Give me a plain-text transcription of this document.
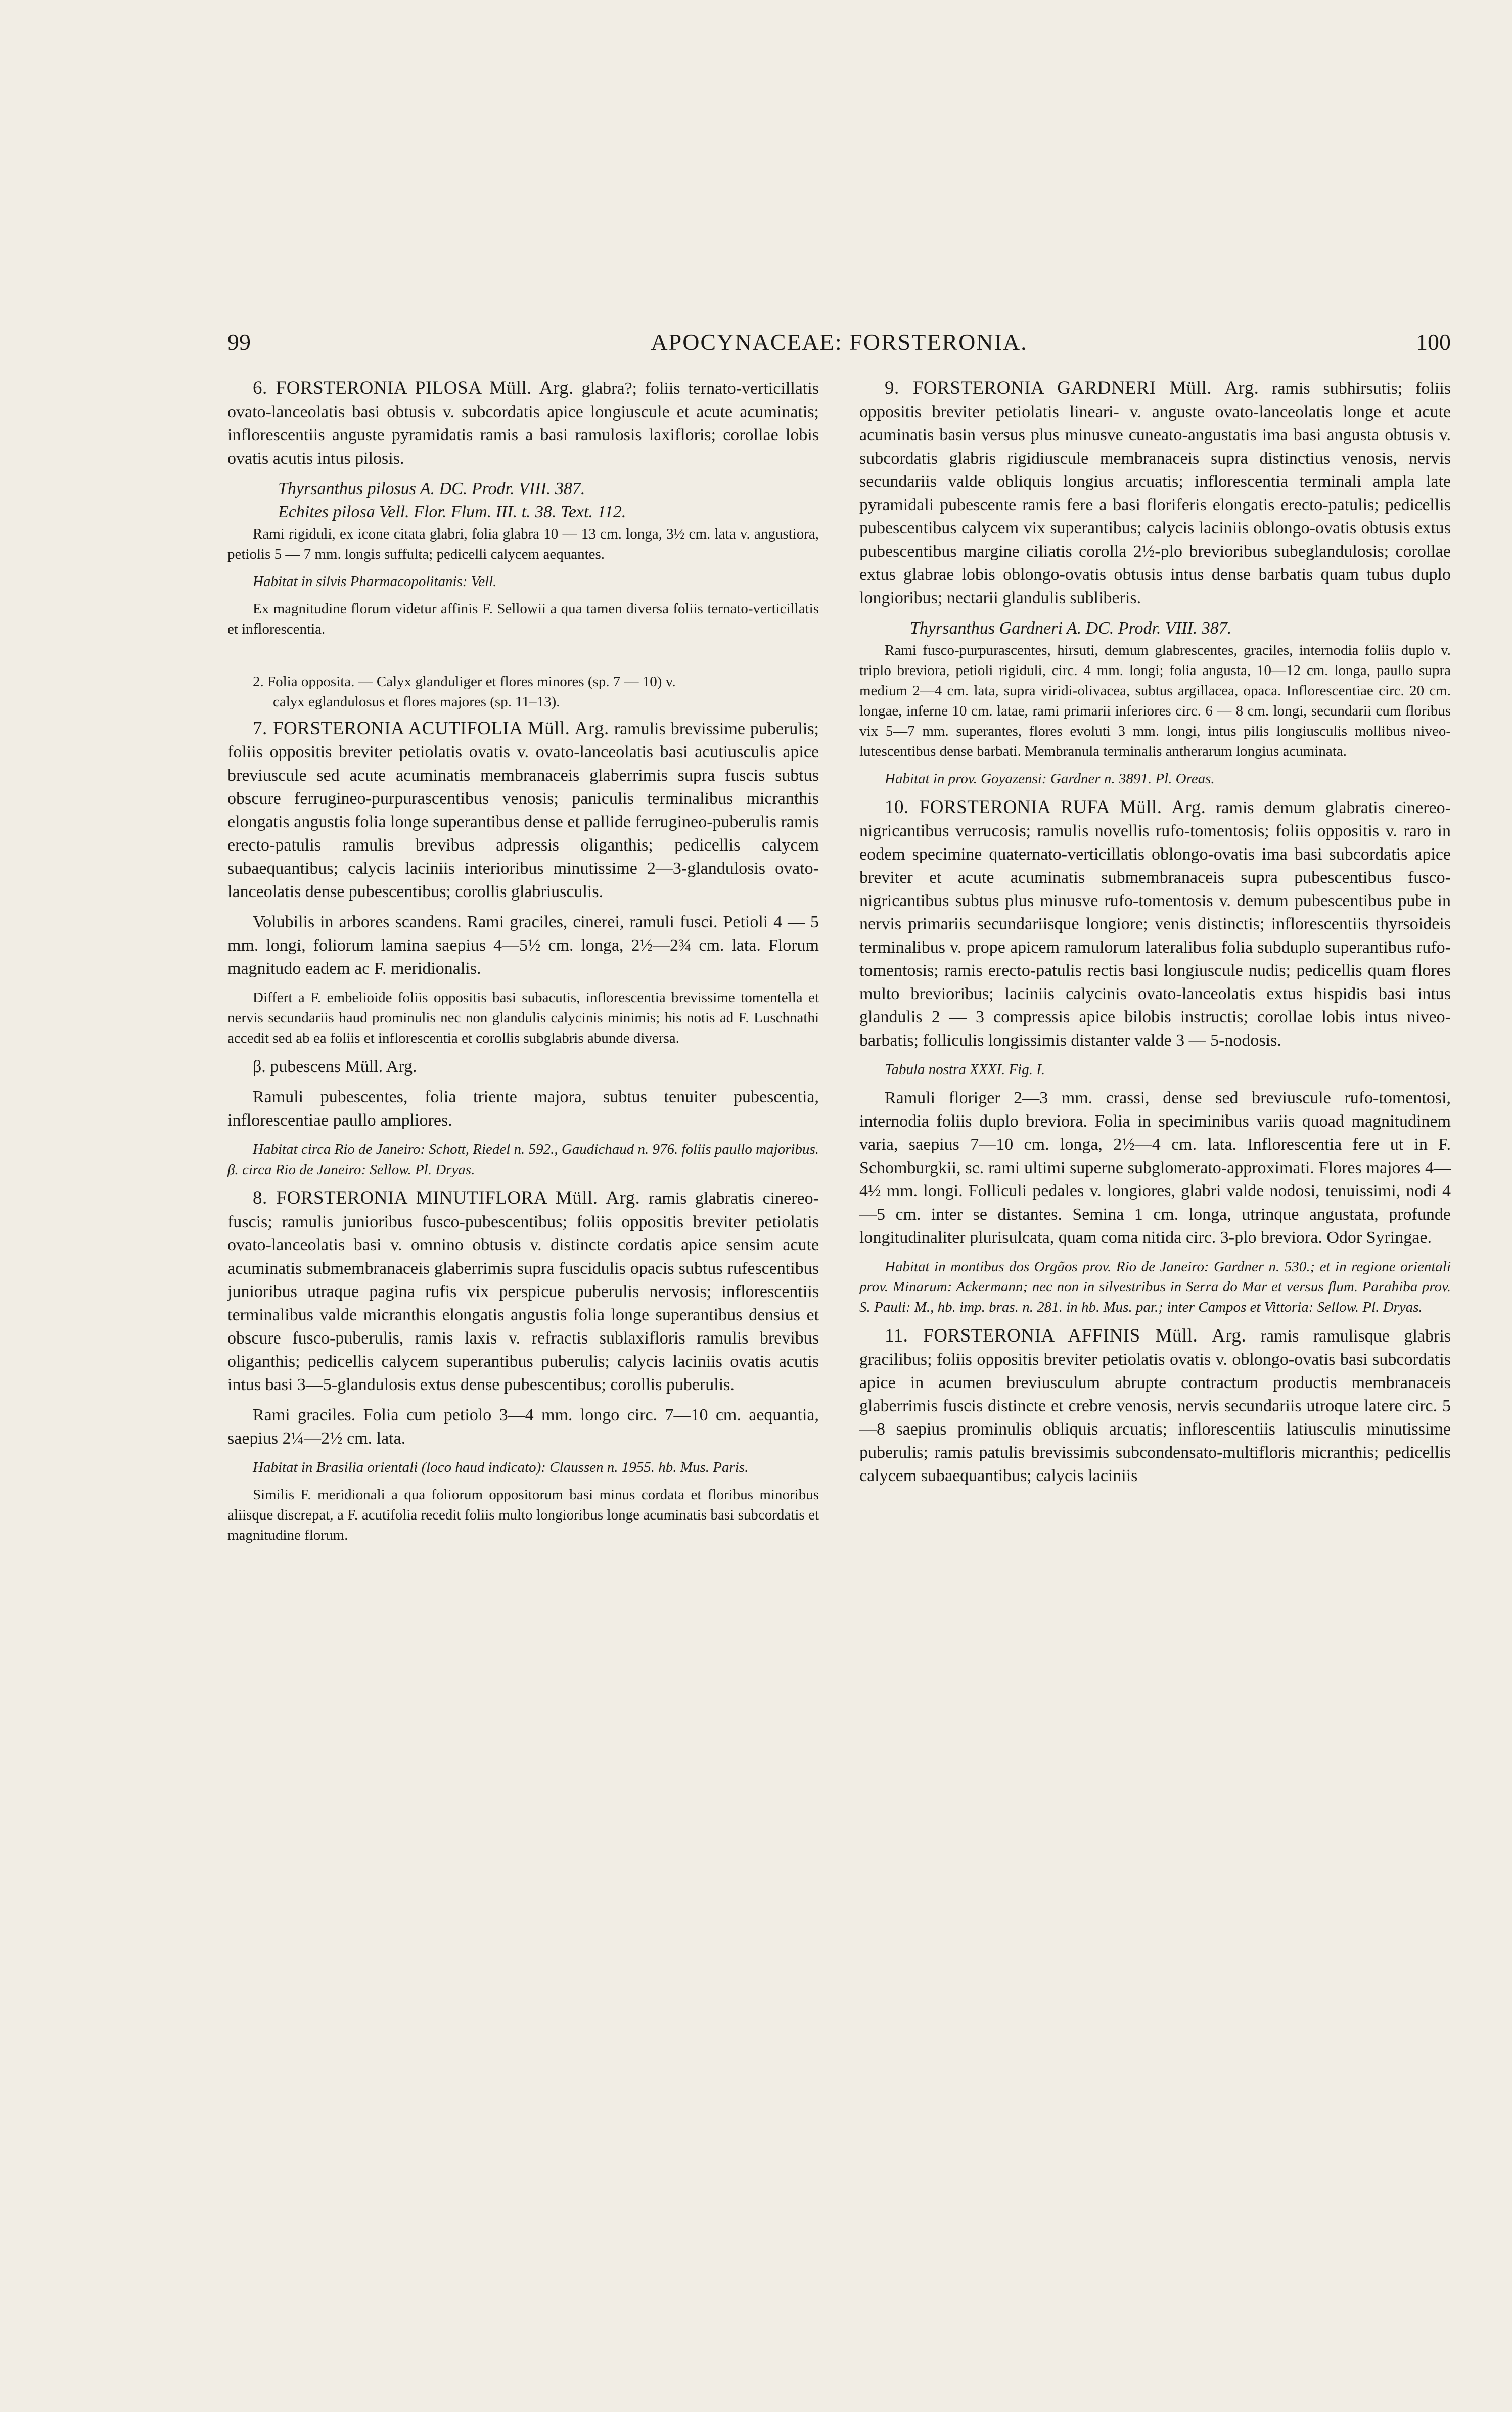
99	APOCYNACEAE: FORSTERONIA.	100

6. FORSTERONIA PILOSA Müll. Arg. glabra?; foliis ternato-verticillatis ovato-lanceolatis basi obtusis v. subcordatis apice longiuscule et acute acuminatis; inflorescentiis anguste pyramidatis ramis a basi ramulosis laxifloris; corollae lobis ovatis acutis intus pilosis.

Thyrsanthus pilosus A. DC. Prodr. VIII. 387.

Echites pilosa Vell. Flor. Flum. III. t. 38. Text. 112.

Rami rigiduli, ex icone citata glabri, folia glabra 10 — 13 cm. longa, 3½ cm. lata v. angustiora, petiolis 5 — 7 mm. longis suffulta; pedicelli calycem aequantes.

Habitat in silvis Pharmacopolitanis: Vell.

Ex magnitudine florum videtur affinis F. Sellowii a qua tamen diversa foliis ternato-verticillatis et inflorescentia.

2. Folia opposita. — Calyx glanduliger et flores minores (sp. 7 — 10) v.
calyx eglandulosus et flores majores (sp. 11–13).

7. FORSTERONIA ACUTIFOLIA Müll. Arg. ramulis brevissime puberulis; foliis oppositis breviter petiolatis ovatis v. ovato-lanceolatis basi acutiusculis apice breviuscule sed acute acuminatis membranaceis glaberrimis supra fuscis subtus obscure ferrugineo-purpurascentibus venosis; paniculis terminalibus micranthis elongatis angustis folia longe superantibus dense et pallide ferrugineo-puberulis ramis erecto-patulis ramulis brevibus adpressis oliganthis; pedicellis calycem subaequantibus; calycis laciniis interioribus minutissime 2—3-glandulosis ovato-lanceolatis dense pubescentibus; corollis glabriusculis.

Volubilis in arbores scandens. Rami graciles, cinerei, ramuli fusci. Petioli 4 — 5 mm. longi, foliorum lamina saepius 4—5½ cm. longa, 2½—2¾ cm. lata. Florum magnitudo eadem ac F. meridionalis.

Differt a F. embelioide foliis oppositis basi subacutis, inflorescentia brevissime tomentella et nervis secundariis haud prominulis nec non glandulis calycinis minimis; his notis ad F. Luschnathi accedit sed ab ea foliis et inflorescentia et corollis subglabris abunde diversa.

β. pubescens Müll. Arg.

Ramuli pubescentes, folia triente majora, subtus tenuiter pubescentia, inflorescentiae paullo ampliores.

Habitat circa Rio de Janeiro: Schott, Riedel n. 592., Gaudichaud n. 976. foliis paullo majoribus. β. circa Rio de Janeiro: Sellow. Pl. Dryas.

8. FORSTERONIA MINUTIFLORA Müll. Arg. ramis glabratis cinereo-fuscis; ramulis junioribus fusco-pubescentibus; foliis oppositis breviter petiolatis ovato-lanceolatis basi v. omnino obtusis v. distincte cordatis apice sensim acute acuminatis submembranaceis glaberrimis supra fuscidulis opacis subtus rufescentibus junioribus utraque pagina rufis vix perspicue puberulis nervosis; inflorescentiis terminalibus valde micranthis elongatis angustis folia longe superantibus densius et obscure fusco-puberulis, ramis laxis v. refractis sublaxifloris ramulis brevibus oliganthis; pedicellis calycem superantibus puberulis; calycis laciniis ovatis acutis intus basi 3—5-glandulosis extus dense pubescentibus; corollis puberulis.

Rami graciles. Folia cum petiolo 3—4 mm. longo circ. 7—10 cm. aequantia, saepius 2¼—2½ cm. lata.

Habitat in Brasilia orientali (loco haud indicato): Claussen n. 1955. hb. Mus. Paris.

Similis F. meridionali a qua foliorum oppositorum basi minus cordata et floribus minoribus aliisque discrepat, a F. acutifolia recedit foliis multo longioribus longe acuminatis basi subcordatis et magnitudine florum.

9. FORSTERONIA GARDNERI Müll. Arg. ramis subhirsutis; foliis oppositis breviter petiolatis lineari- v. anguste ovato-lanceolatis longe et acute acuminatis basin versus plus minusve cuneato-angustatis ima basi angusta obtusis v. subcordatis glabris rigidiuscule membranaceis supra distinctius venosis, nervis secundariis valde obliquis longius arcuatis; inflorescentia terminali ampla late pyramidali pubescente ramis fere a basi floriferis elongatis erecto-patulis; pedicellis pubescentibus calycem vix superantibus; calycis laciniis oblongo-ovatis obtusis extus pubescentibus margine ciliatis corolla 2½-plo brevioribus subeglandulosis; corollae extus glabrae lobis oblongo-ovatis obtusis intus dense barbatis quam tubus duplo longioribus; nectarii glandulis subliberis.

Thyrsanthus Gardneri A. DC. Prodr. VIII. 387.

Rami fusco-purpurascentes, hirsuti, demum glabrescentes, graciles, internodia foliis duplo v. triplo breviora, petioli rigiduli, circ. 4 mm. longi; folia angusta, 10—12 cm. longa, paullo supra medium 2—4 cm. lata, supra viridi-olivacea, subtus argillacea, opaca. Inflorescentiae circ. 20 cm. longae, inferne 10 cm. latae, rami primarii inferiores circ. 6 — 8 cm. longi, secundarii cum floribus vix 5—7 mm. superantes, flores evoluti 3 mm. longi, intus pilis longiusculis mollibus niveo-lutescentibus dense barbati. Membranula terminalis antherarum longius acuminata.

Habitat in prov. Goyazensi: Gardner n. 3891. Pl. Oreas.

10. FORSTERONIA RUFA Müll. Arg. ramis demum glabratis cinereo-nigricantibus verrucosis; ramulis novellis rufo-tomentosis; foliis oppositis v. raro in eodem specimine quaternato-verticillatis oblongo-ovatis ima basi subcordatis apice breviter et acute acuminatis submembranaceis supra pubescentibus fusco-nigricantibus subtus plus minusve rufo-tomentosis v. demum pubescentibus pube in nervis primariis secundariisque longiore; venis distinctis; inflorescentiis thyrsoideis terminalibus v. prope apicem ramulorum lateralibus folia subduplo superantibus rufo-tomentosis; ramis erecto-patulis rectis basi longiuscule nudis; pedicellis quam flores multo brevioribus; laciniis calycinis ovato-lanceolatis extus hispidis basi intus glandulis 2 — 3 compressis apice bilobis instructis; corollae lobis intus niveo-barbatis; folliculis longissimis distanter valde 3 — 5-nodosis.

Tabula nostra XXXI. Fig. I.

Ramuli floriger 2—3 mm. crassi, dense sed breviuscule rufo-tomentosi, internodia foliis duplo breviora. Folia in speciminibus variis quoad magnitudinem varia, saepius 7—10 cm. longa, 2½—4 cm. lata. Inflorescentia fere ut in F. Schomburgkii, sc. rami ultimi superne subglomerato-approximati. Flores majores 4—4½ mm. longi. Folliculi pedales v. longiores, glabri valde nodosi, tenuissimi, nodi 4—5 cm. inter se distantes. Semina 1 cm. longa, utrinque angustata, profunde longitudinaliter plurisulcata, quam coma nitida circ. 3-plo breviora. Odor Syringae.

Habitat in montibus dos Orgãos prov. Rio de Janeiro: Gardner n. 530.; et in regione orientali prov. Minarum: Ackermann; nec non in silvestribus in Serra do Mar et versus flum. Parahiba prov. S. Pauli: M., hb. imp. bras. n. 281. in hb. Mus. par.; inter Campos et Vittoria: Sellow. Pl. Dryas.

11. FORSTERONIA AFFINIS Müll. Arg. ramis ramulisque glabris gracilibus; foliis oppositis breviter petiolatis ovatis v. oblongo-ovatis basi subcordatis apice in acumen breviusculum abrupte contractum productis membranaceis glaberrimis fuscis distincte et crebre venosis, nervis secundariis utroque latere circ. 5—8 saepius prominulis obliquis arcuatis; inflorescentiis latiusculis minutissime puberulis; ramis patulis brevissimis subcondensato-multifloris micranthis; pedicellis calycem subaequantibus; calycis laciniis
